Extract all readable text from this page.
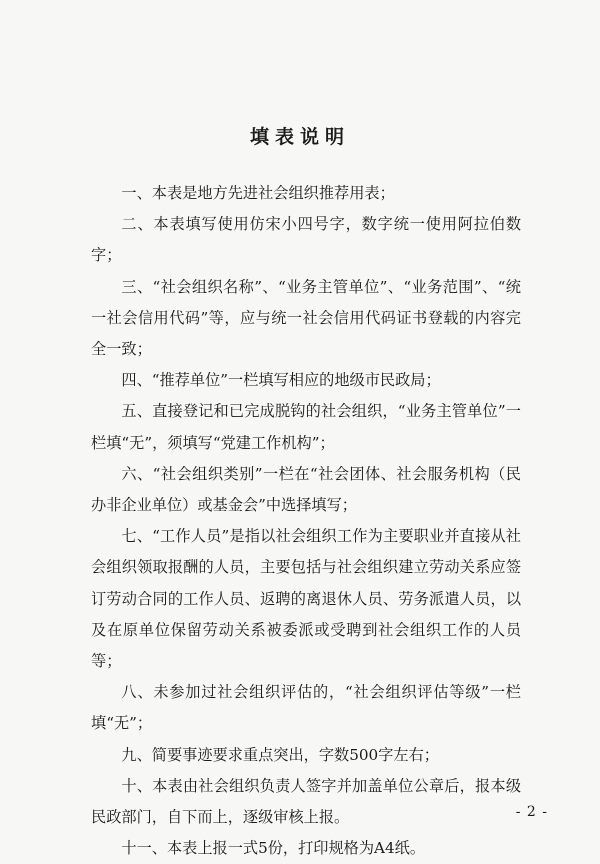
填表说明

一、本表是地方先进社会组织推荐用表；

二、本表填写使用仿宋小四号字，数字统一使用阿拉伯数字；

三、“社会组织名称”、“业务主管单位”、“业务范围”、“统一社会信用代码”等，应与统一社会信用代码证书登载的内容完全一致；

四、“推荐单位”一栏填写相应的地级市民政局；

五、直接登记和已完成脱钩的社会组织，“业务主管单位”一栏填“无”，须填写“党建工作机构”；

六、“社会组织类别”一栏在“社会团体、社会服务机构（民办非企业单位）或基金会”中选择填写；

七、“工作人员”是指以社会组织工作为主要职业并直接从社会组织领取报酬的人员，主要包括与社会组织建立劳动关系应签订劳动合同的工作人员、返聘的离退休人员、劳务派遣人员，以及在原单位保留劳动关系被委派或受聘到社会组织工作的人员等；

八、未参加过社会组织评估的，“社会组织评估等级”一栏填“无”；

九、简要事迹要求重点突出，字数500字左右；

十、本表由社会组织负责人签字并加盖单位公章后，报本级民政部门，自下而上，逐级审核上报。

十一、本表上报一式5份，打印规格为A4纸。

- 2 -
